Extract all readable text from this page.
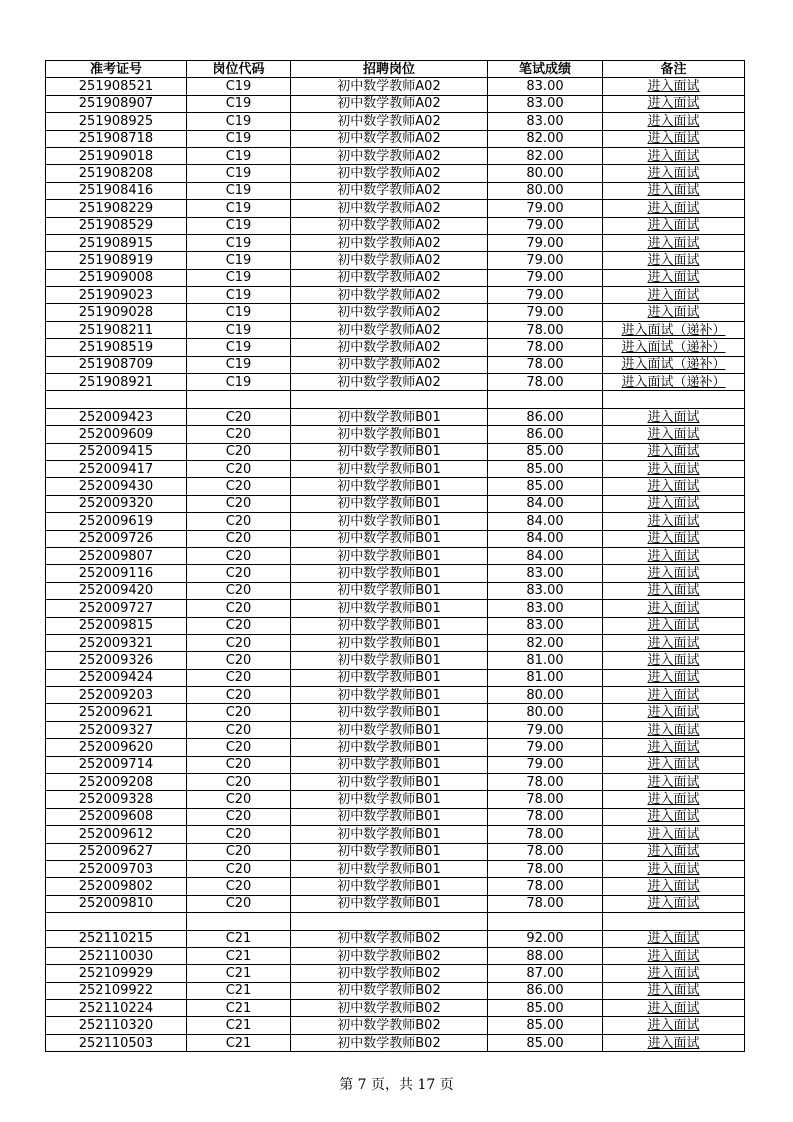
准考证号	岗位代码	招聘岗位	笔试成绩	备注
251908521	C19	初中数学教师A02	83.00	进入面试
251908907	C19	初中数学教师A02	83.00	进入面试
251908925	C19	初中数学教师A02	83.00	进入面试
251908718	C19	初中数学教师A02	82.00	进入面试
251909018	C19	初中数学教师A02	82.00	进入面试
251908208	C19	初中数学教师A02	80.00	进入面试
251908416	C19	初中数学教师A02	80.00	进入面试
251908229	C19	初中数学教师A02	79.00	进入面试
251908529	C19	初中数学教师A02	79.00	进入面试
251908915	C19	初中数学教师A02	79.00	进入面试
251908919	C19	初中数学教师A02	79.00	进入面试
251909008	C19	初中数学教师A02	79.00	进入面试
251909023	C19	初中数学教师A02	79.00	进入面试
251909028	C19	初中数学教师A02	79.00	进入面试
251908211	C19	初中数学教师A02	78.00	进入面试（递补）
251908519	C19	初中数学教师A02	78.00	进入面试（递补）
251908709	C19	初中数学教师A02	78.00	进入面试（递补）
251908921	C19	初中数学教师A02	78.00	进入面试（递补）

252009423	C20	初中数学教师B01	86.00	进入面试
252009609	C20	初中数学教师B01	86.00	进入面试
252009415	C20	初中数学教师B01	85.00	进入面试
252009417	C20	初中数学教师B01	85.00	进入面试
252009430	C20	初中数学教师B01	85.00	进入面试
252009320	C20	初中数学教师B01	84.00	进入面试
252009619	C20	初中数学教师B01	84.00	进入面试
252009726	C20	初中数学教师B01	84.00	进入面试
252009807	C20	初中数学教师B01	84.00	进入面试
252009116	C20	初中数学教师B01	83.00	进入面试
252009420	C20	初中数学教师B01	83.00	进入面试
252009727	C20	初中数学教师B01	83.00	进入面试
252009815	C20	初中数学教师B01	83.00	进入面试
252009321	C20	初中数学教师B01	82.00	进入面试
252009326	C20	初中数学教师B01	81.00	进入面试
252009424	C20	初中数学教师B01	81.00	进入面试
252009203	C20	初中数学教师B01	80.00	进入面试
252009621	C20	初中数学教师B01	80.00	进入面试
252009327	C20	初中数学教师B01	79.00	进入面试
252009620	C20	初中数学教师B01	79.00	进入面试
252009714	C20	初中数学教师B01	79.00	进入面试
252009208	C20	初中数学教师B01	78.00	进入面试
252009328	C20	初中数学教师B01	78.00	进入面试
252009608	C20	初中数学教师B01	78.00	进入面试
252009612	C20	初中数学教师B01	78.00	进入面试
252009627	C20	初中数学教师B01	78.00	进入面试
252009703	C20	初中数学教师B01	78.00	进入面试
252009802	C20	初中数学教师B01	78.00	进入面试
252009810	C20	初中数学教师B01	78.00	进入面试

252110215	C21	初中数学教师B02	92.00	进入面试
252110030	C21	初中数学教师B02	88.00	进入面试
252109929	C21	初中数学教师B02	87.00	进入面试
252109922	C21	初中数学教师B02	86.00	进入面试
252110224	C21	初中数学教师B02	85.00	进入面试
252110320	C21	初中数学教师B02	85.00	进入面试
252110503	C21	初中数学教师B02	85.00	进入面试
第 7 页，共 17 页
